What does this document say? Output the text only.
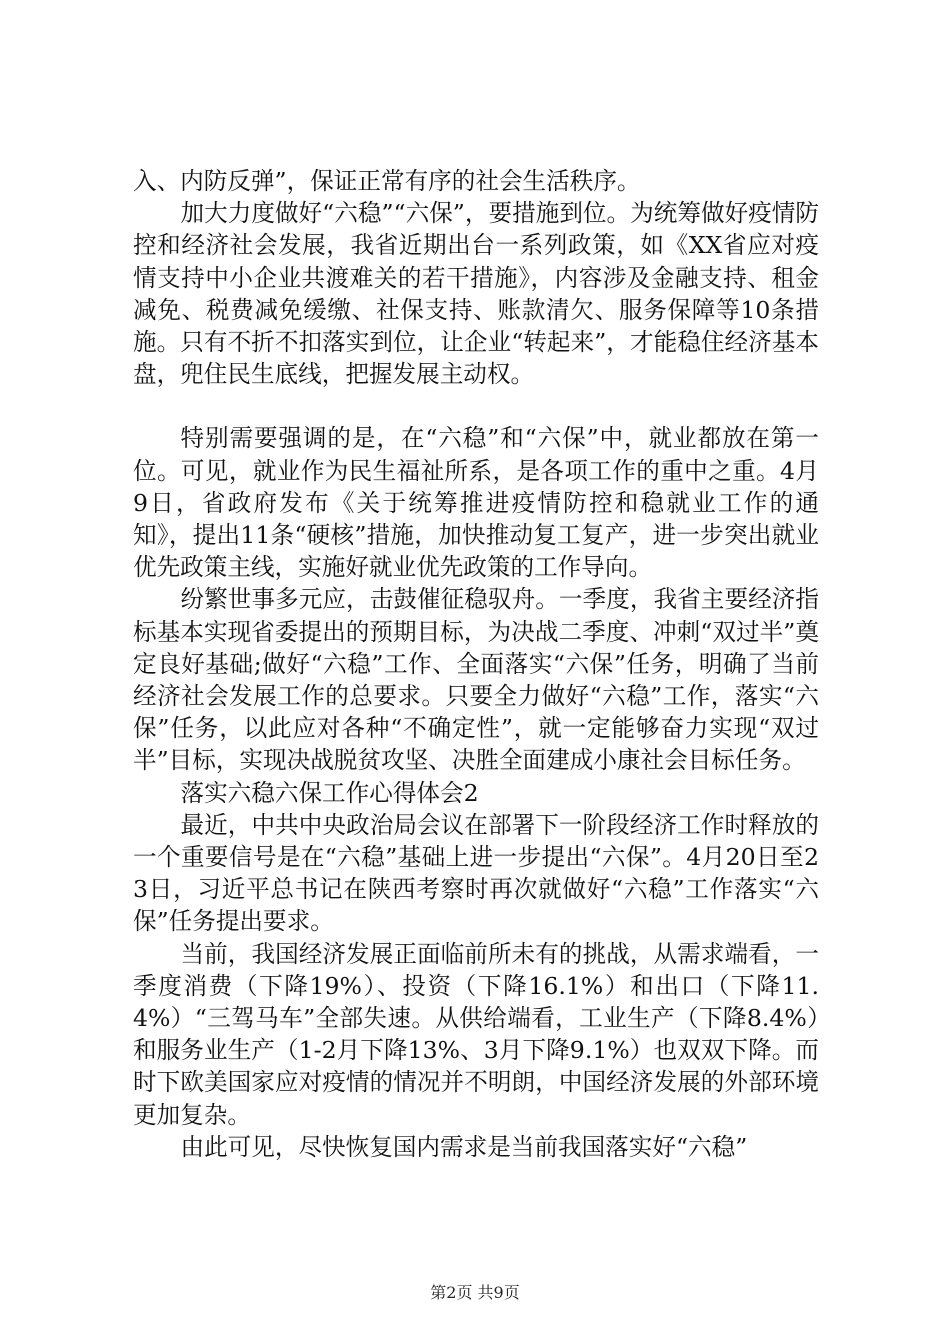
入、内防反弹”，保证正常有序的社会生活秩序。

加大力度做好“六稳”“六保”，要措施到位。为统筹做好疫情防控和经济社会发展，我省近期出台一系列政策，如《XX省应对疫情支持中小企业共渡难关的若干措施》，内容涉及金融支持、租金减免、税费减免缓缴、社保支持、账款清欠、服务保障等10条措施。只有不折不扣落实到位，让企业“转起来”，才能稳住经济基本盘，兜住民生底线，把握发展主动权。

特别需要强调的是，在“六稳”和“六保”中，就业都放在第一位。可见，就业作为民生福祉所系，是各项工作的重中之重。4月9日，省政府发布《关于统筹推进疫情防控和稳就业工作的通知》，提出11条“硬核”措施，加快推动复工复产，进一步突出就业优先政策主线，实施好就业优先政策的工作导向。

纷繁世事多元应，击鼓催征稳驭舟。一季度，我省主要经济指标基本实现省委提出的预期目标，为决战二季度、冲刺“双过半”奠定良好基础;做好“六稳”工作、全面落实“六保”任务，明确了当前经济社会发展工作的总要求。只要全力做好“六稳”工作，落实“六保”任务，以此应对各种“不确定性”，就一定能够奋力实现“双过半”目标，实现决战脱贫攻坚、决胜全面建成小康社会目标任务。

落实六稳六保工作心得体会2

最近，中共中央政治局会议在部署下一阶段经济工作时释放的一个重要信号是在“六稳”基础上进一步提出“六保”。4月20日至23日，习近平总书记在陕西考察时再次就做好“六稳”工作落实“六保”任务提出要求。

当前，我国经济发展正面临前所未有的挑战，从需求端看，一季度消费（下降19%）、投资（下降16.1%）和出口（下降11.4%）“三驾马车”全部失速。从供给端看，工业生产（下降8.4%）和服务业生产（1-2月下降13%、3月下降9.1%）也双双下降。而时下欧美国家应对疫情的情况并不明朗，中国经济发展的外部环境更加复杂。

由此可见，尽快恢复国内需求是当前我国落实好“六稳”

第2页 共9页
